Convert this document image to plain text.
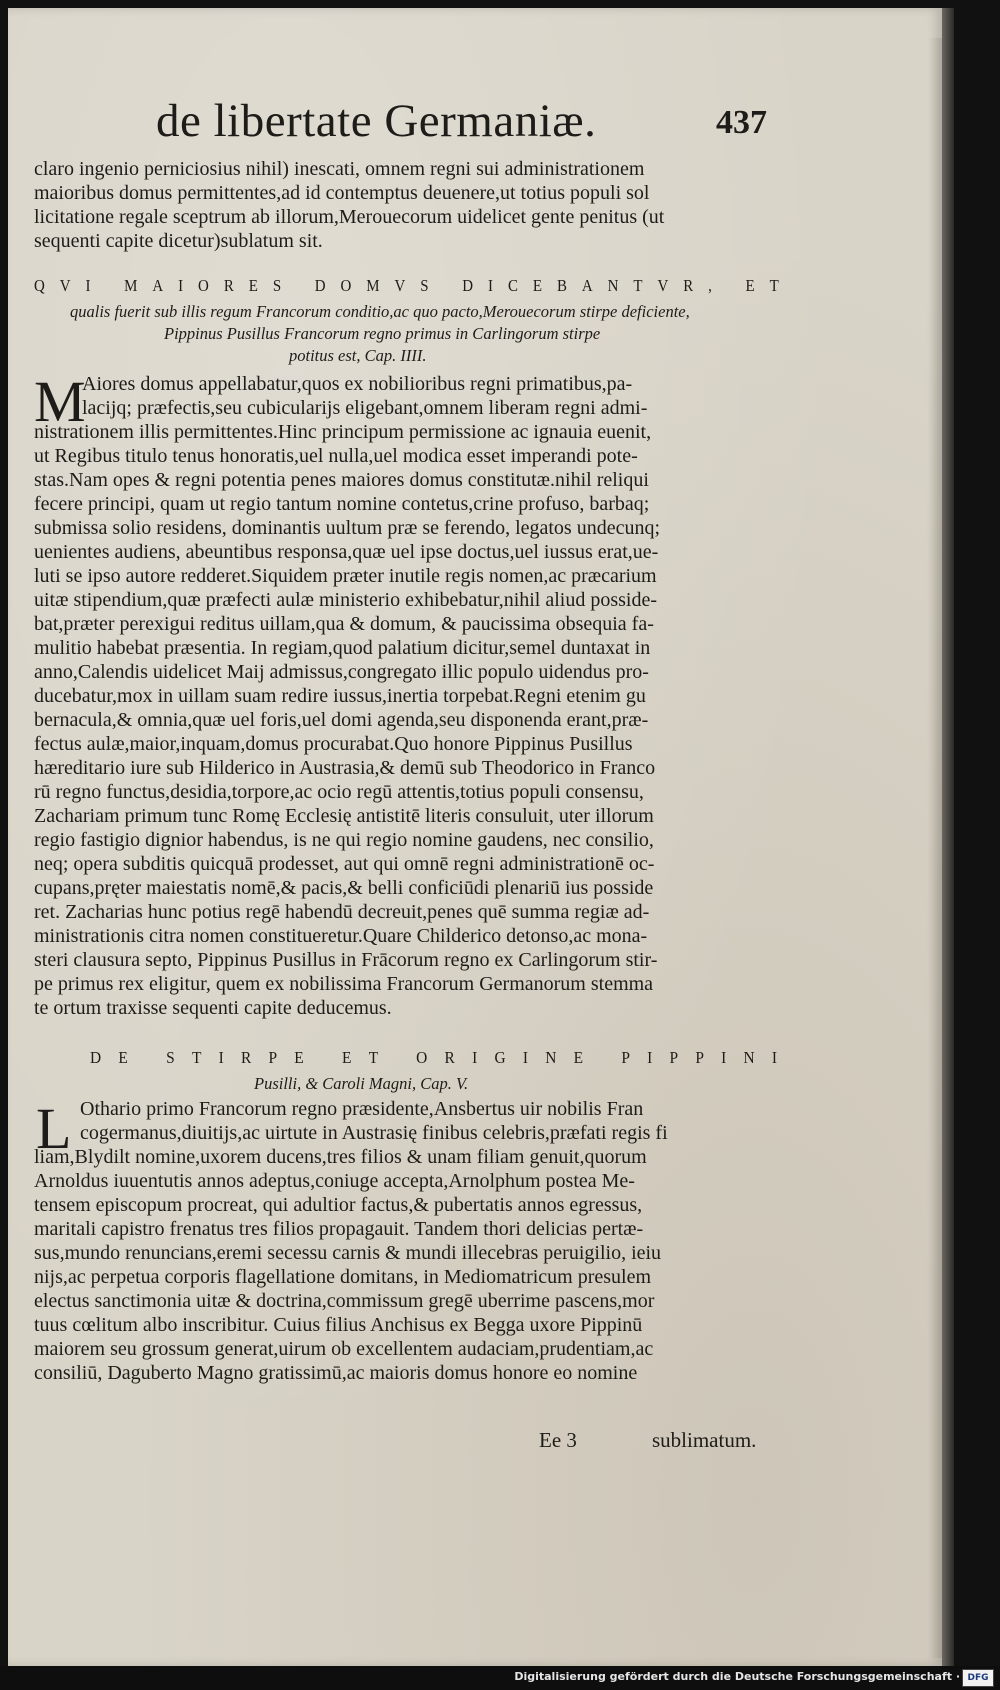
de libertate Germaniæ.	437
claro ingenio perniciosius nihil) inescati, omnem regni sui administrationem
maioribus domus permittentes,ad id contemptus deuenere,ut totius populi sol
licitatione regale sceptrum ab illorum,Merouecorum uidelicet gente penitus (ut
sequenti capite dicetur)sublatum sit.
QVI MAIORES DOMVS DICEBANTVR, ET
qualis fuerit sub illis regum Francorum conditio,ac quo pacto,Merouecorum stirpe deficiente,
Pippinus Pusillus Francorum regno primus in Carlingorum stirpe
potitus est, Cap. IIII.
M
Aiores domus appellabatur,quos ex nobilioribus regni primatibus,pa-
lacijq; præfectis,seu cubicularijs eligebant,omnem liberam regni admi-
nistrationem illis permittentes.Hinc principum permissione ac ignauia euenit,
ut Regibus titulo tenus honoratis,uel nulla,uel modica esset imperandi pote-
stas.Nam opes & regni potentia penes maiores domus constitutæ.nihil reliqui
fecere principi, quam ut regio tantum nomine contetus,crine profuso, barbaq;
submissa solio residens, dominantis uultum præ se ferendo, legatos undecunq;
uenientes audiens, abeuntibus responsa,quæ uel ipse doctus,uel iussus erat,ue-
luti se ipso autore redderet.Siquidem præter inutile regis nomen,ac præcarium
uitæ stipendium,quæ præfecti aulæ ministerio exhibebatur,nihil aliud posside-
bat,præter perexigui reditus uillam,qua & domum, & paucissima obsequia fa-
mulitio habebat præsentia. In regiam,quod palatium dicitur,semel duntaxat in
anno,Calendis uidelicet Maij admissus,congregato illic populo uidendus pro-
ducebatur,mox in uillam suam redire iussus,inertia torpebat.Regni etenim gu
bernacula,& omnia,quæ uel foris,uel domi agenda,seu disponenda erant,præ-
fectus aulæ,maior,inquam,domus procurabat.Quo honore Pippinus Pusillus
hæreditario iure sub Hilderico in Austrasia,& demū sub Theodorico in Franco
rū regno functus,desidia,torpore,ac ocio regū attentis,totius populi consensu,
Zachariam primum tunc Romę Ecclesię antistitē literis consuluit, uter illorum
regio fastigio dignior habendus, is ne qui regio nomine gaudens, nec consilio,
neq; opera subditis quicquā prodesset, aut qui omnē regni administrationē oc-
cupans,pręter maiestatis nomē,& pacis,& belli conficiūdi plenariū ius posside
ret. Zacharias hunc potius regē habendū decreuit,penes quē summa regiæ ad-
ministrationis citra nomen constitueretur.Quare Childerico detonso,ac mona-
steri clausura septo, Pippinus Pusillus in Frācorum regno ex Carlingorum stir-
pe primus rex eligitur, quem ex nobilissima Francorum Germanorum stemma
te ortum traxisse sequenti capite deducemus.
DE STIRPE ET ORIGINE PIPPINI
Pusilli, & Caroli Magni, Cap. V.
L Othario primo Francorum regno præsidente,Ansbertus uir nobilis Fran
cogermanus,diuitijs,ac uirtute in Austrasię finibus celebris,præfati regis fi
liam,Blydilt nomine,uxorem ducens,tres filios & unam filiam genuit,quorum
Arnoldus iuuentutis annos adeptus,coniuge accepta,Arnolphum postea Me-
tensem episcopum procreat, qui adultior factus,& pubertatis annos egressus,
maritali capistro frenatus tres filios propagauit. Tandem thori delicias pertæ-
sus,mundo renuncians,eremi secessu carnis & mundi illecebras peruigilio, ieiu
nijs,ac perpetua corporis flagellatione domitans, in Mediomatricum presulem
electus sanctimonia uitæ & doctrina,commissum gregē uberrime pascens,mor
tuus cœlitum albo inscribitur. Cuius filius Anchisus ex Begga uxore Pippinū
maiorem seu grossum generat,uirum ob excellentem audaciam,prudentiam,ac
consiliū, Daguberto Magno gratissimū,ac maioris domus honore eo nomine
Ee 3	sublimatum.
Digitalisierung gefördert durch die Deutsche Forschungsgemeinschaft · DFG
